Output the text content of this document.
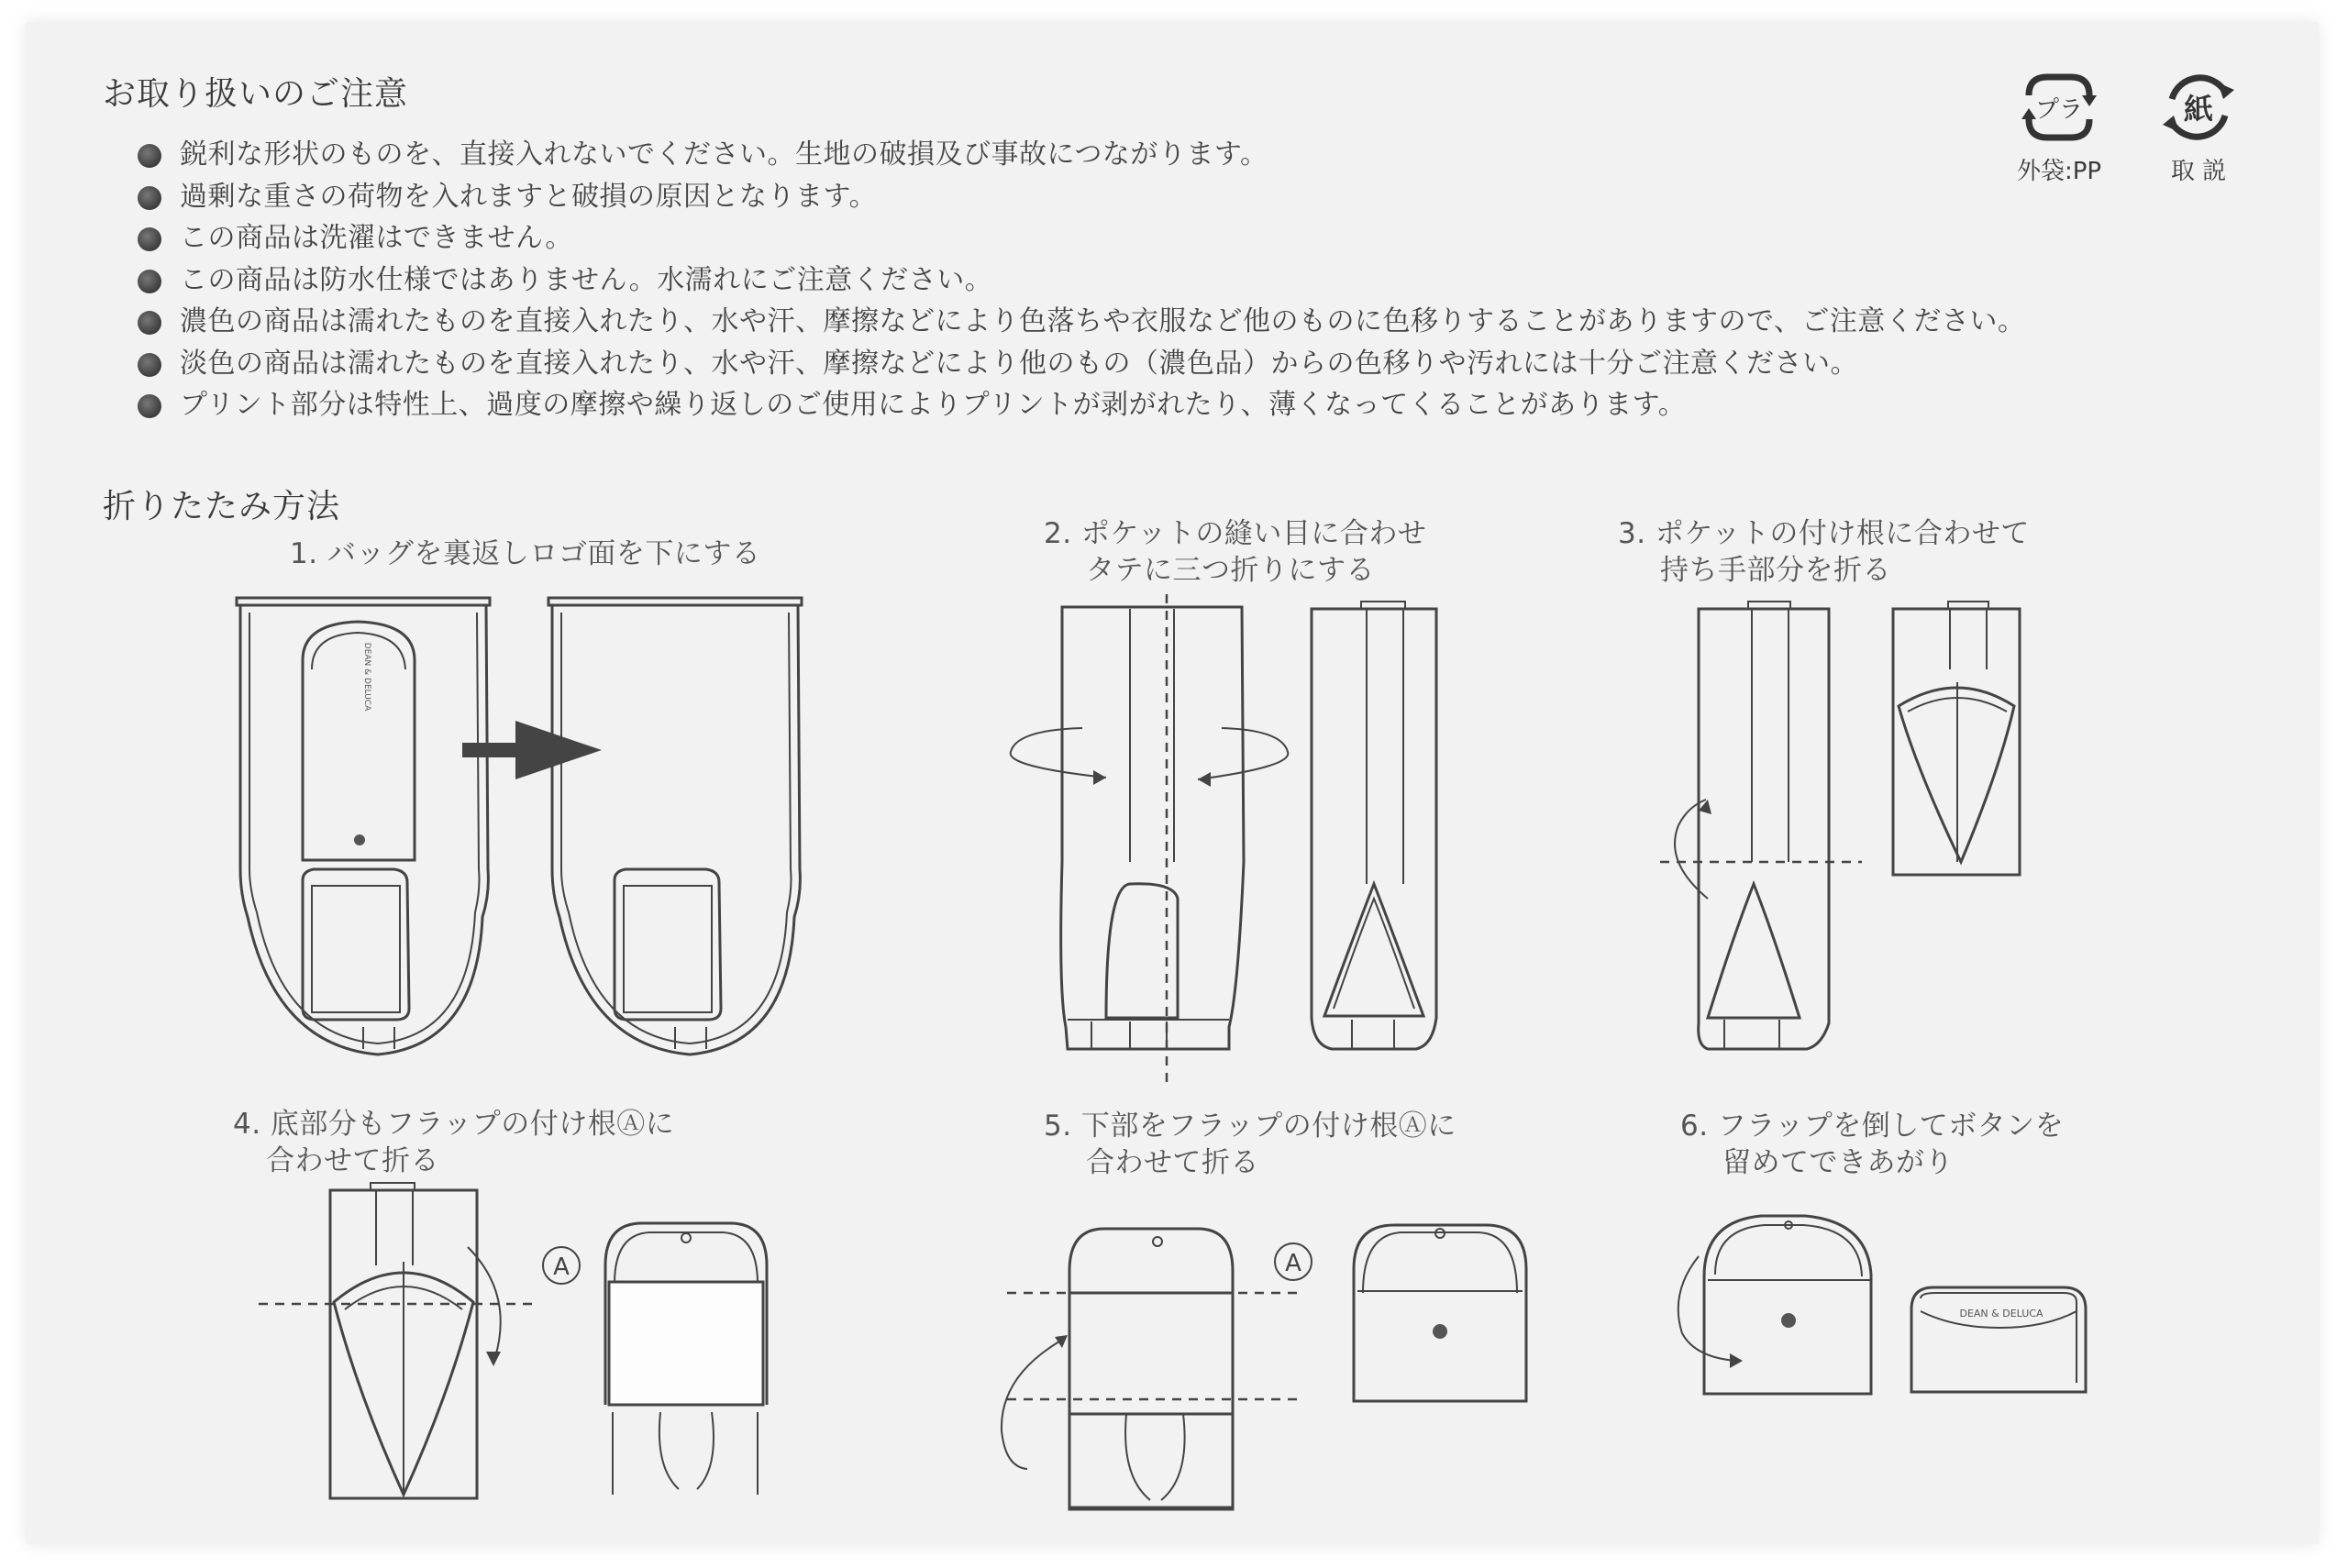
お取り扱いのご注意
鋭利な形状のものを、直接入れないでください。生地の破損及び事故につながります。
過剰な重さの荷物を入れますと破損の原因となります。
この商品は洗濯はできません。
この商品は防水仕様ではありません。水濡れにご注意ください。
濃色の商品は濡れたものを直接入れたり、水や汗、摩擦などにより色落ちや衣服など他のものに色移りすることがありますので、ご注意ください。
淡色の商品は濡れたものを直接入れたり、水や汗、摩擦などにより他のもの（濃色品）からの色移りや汚れには十分ご注意ください。
プリント部分は特性上、過度の摩擦や繰り返しのご使用によりプリントが剥がれたり、薄くなってくることがあります。
プラ
外袋:PP
紙
取 説
折りたたみ方法
1. バッグを裏返しロゴ面を下にする
2. ポケットの縫い目に合わせ
タテに三つ折りにする
3. ポケットの付け根に合わせて
持ち手部分を折る
4. 底部分もフラップの付け根Ⓐに
合わせて折る
5. 下部をフラップの付け根Ⓐに
合わせて折る
6. フラップを倒してボタンを
留めてできあがり
DEAN & DELUCA
A	A
DEAN & DELUCA
